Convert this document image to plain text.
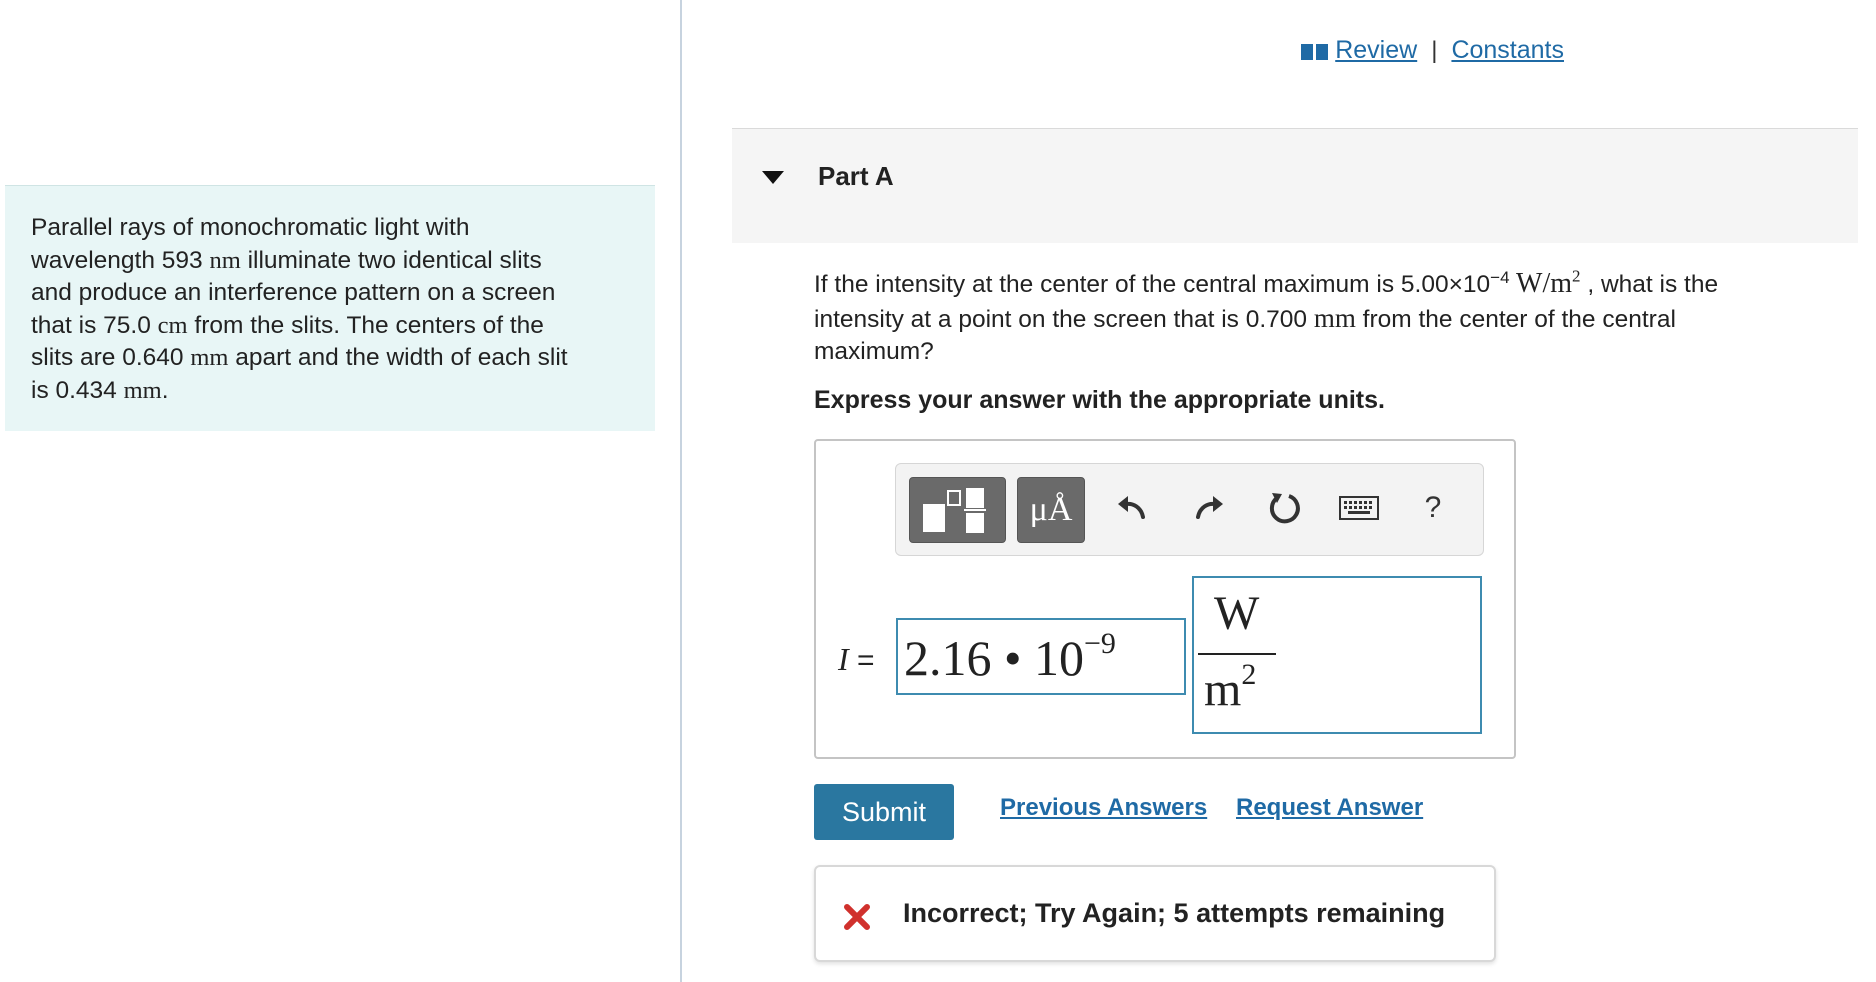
Parallel rays of monochromatic light with
wavelength 593 nm illuminate two identical slits
and produce an interference pattern on a screen
that is 75.0 cm from the slits. The centers of the
slits are 0.640 mm apart and the width of each slit
is 0.434 mm.
Review | Constants
Part A
If the intensity at the center of the central maximum is $5.00\times 10^{-4}$ $W/m^2$ , what is the
intensity at a point on the screen that is 0.700 mm from the center of the central
maximum?
Express your answer with the appropriate units.
μÅ	?
I = 2.16 • $10^{-9}$
W
$m^2$
Submit	Previous Answers Request Answer
Incorrect; Try Again; 5 attempts remaining
